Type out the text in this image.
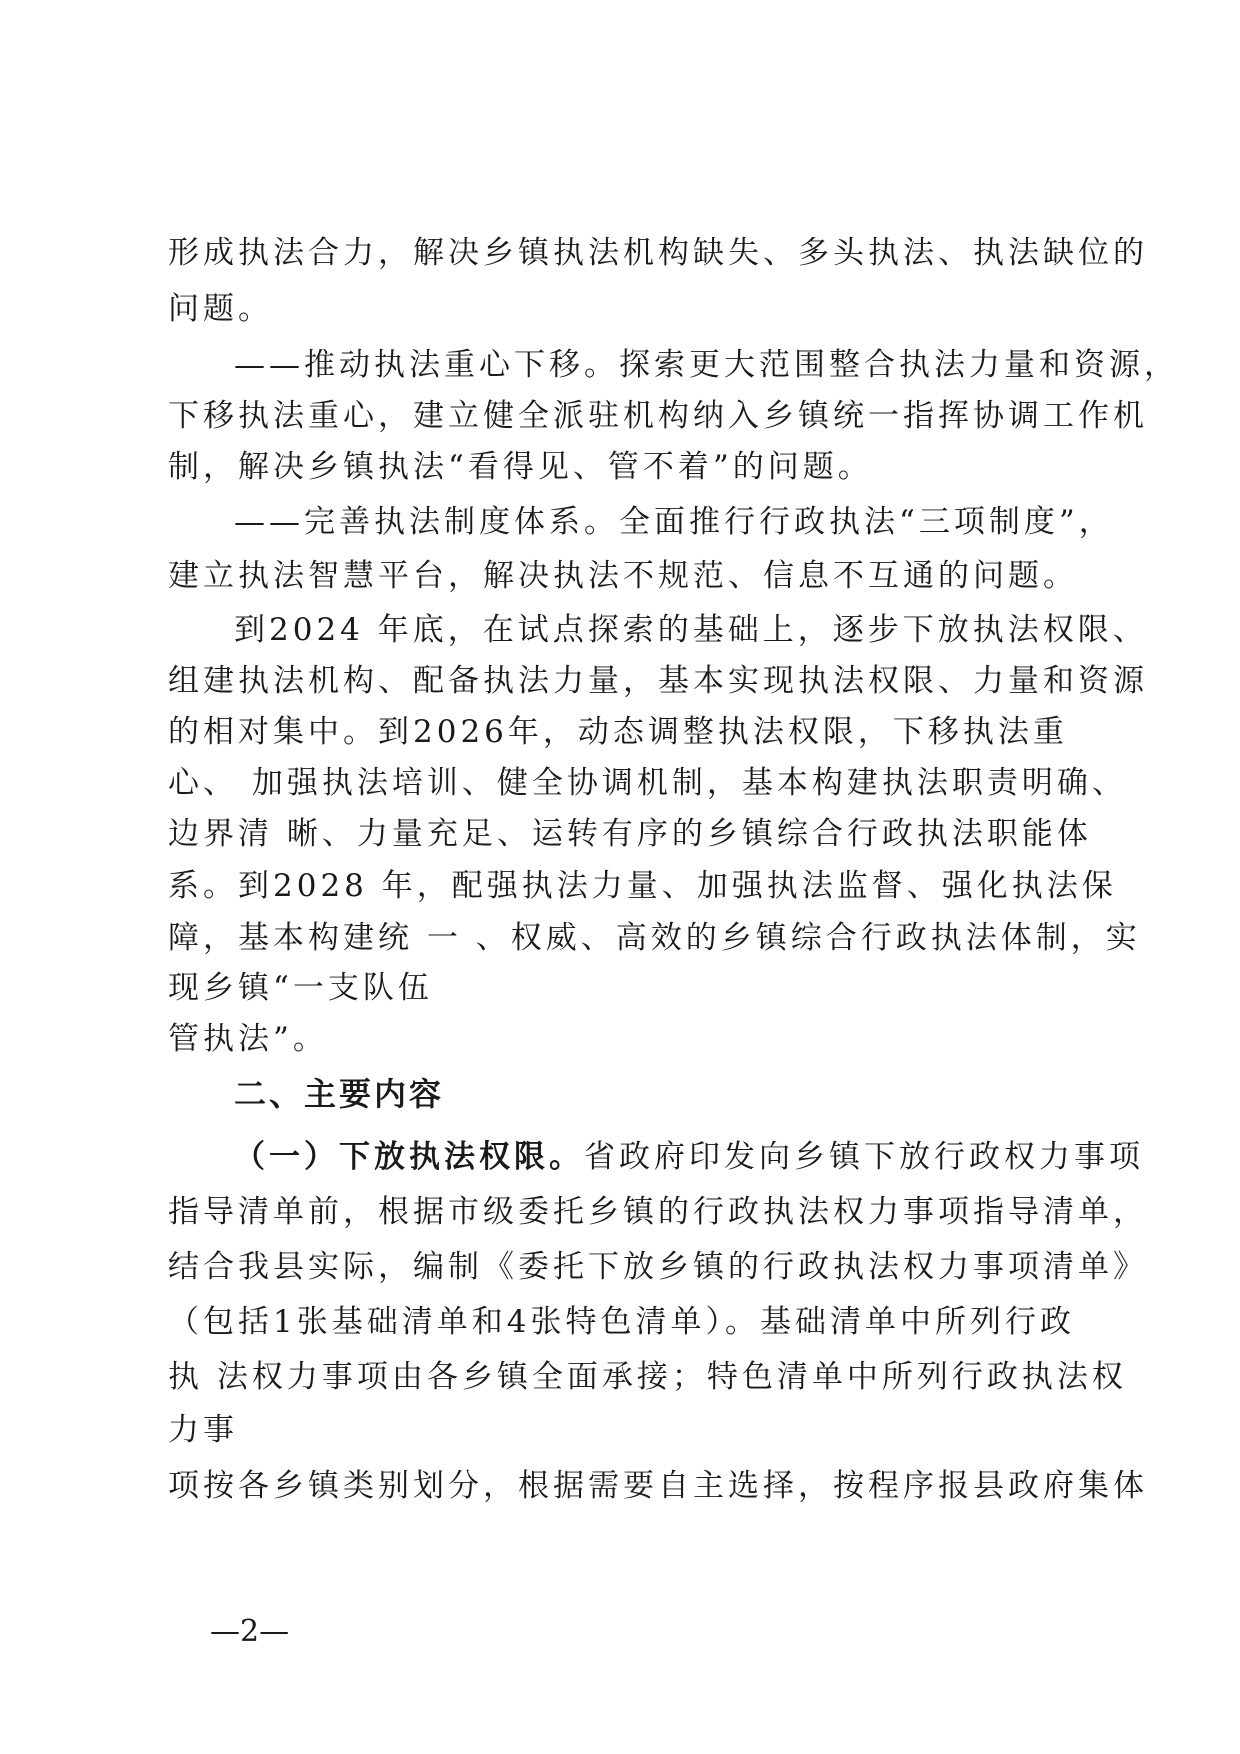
形成执法合力，解决乡镇执法机构缺失、多头执法、执法缺位的
问题。
——推动执法重心下移。探索更大范围整合执法力量和资源，
下移执法重心，建立健全派驻机构纳入乡镇统一指挥协调工作机
制，解决乡镇执法“看得见、管不着”的问题。
——完善执法制度体系。全面推行行政执法“三项制度”，
建立执法智慧平台，解决执法不规范、信息不互通的问题。
到2024 年底，在试点探索的基础上，逐步下放执法权限、
组建执法机构、配备执法力量，基本实现执法权限、力量和资源
的相对集中。到2026年，动态调整执法权限，下移执法重
心、 加强执法培训、健全协调机制，基本构建执法职责明确、
边界清 晰、力量充足、运转有序的乡镇综合行政执法职能体
系。到2028 年，配强执法力量、加强执法监督、强化执法保
障，基本构建统 一 、权威、高效的乡镇综合行政执法体制，实
现乡镇“一支队伍
管执法”。
二、主要内容
（一）下放执法权限。省政府印发向乡镇下放行政权力事项
指导清单前，根据市级委托乡镇的行政执法权力事项指导清单，
结合我县实际，编制《委托下放乡镇的行政执法权力事项清单》
（包括1张基础清单和4张特色清单）。基础清单中所列行政
执 法权力事项由各乡镇全面承接；特色清单中所列行政执法权
力事
项按各乡镇类别划分，根据需要自主选择，按程序报县政府集体
—2—
